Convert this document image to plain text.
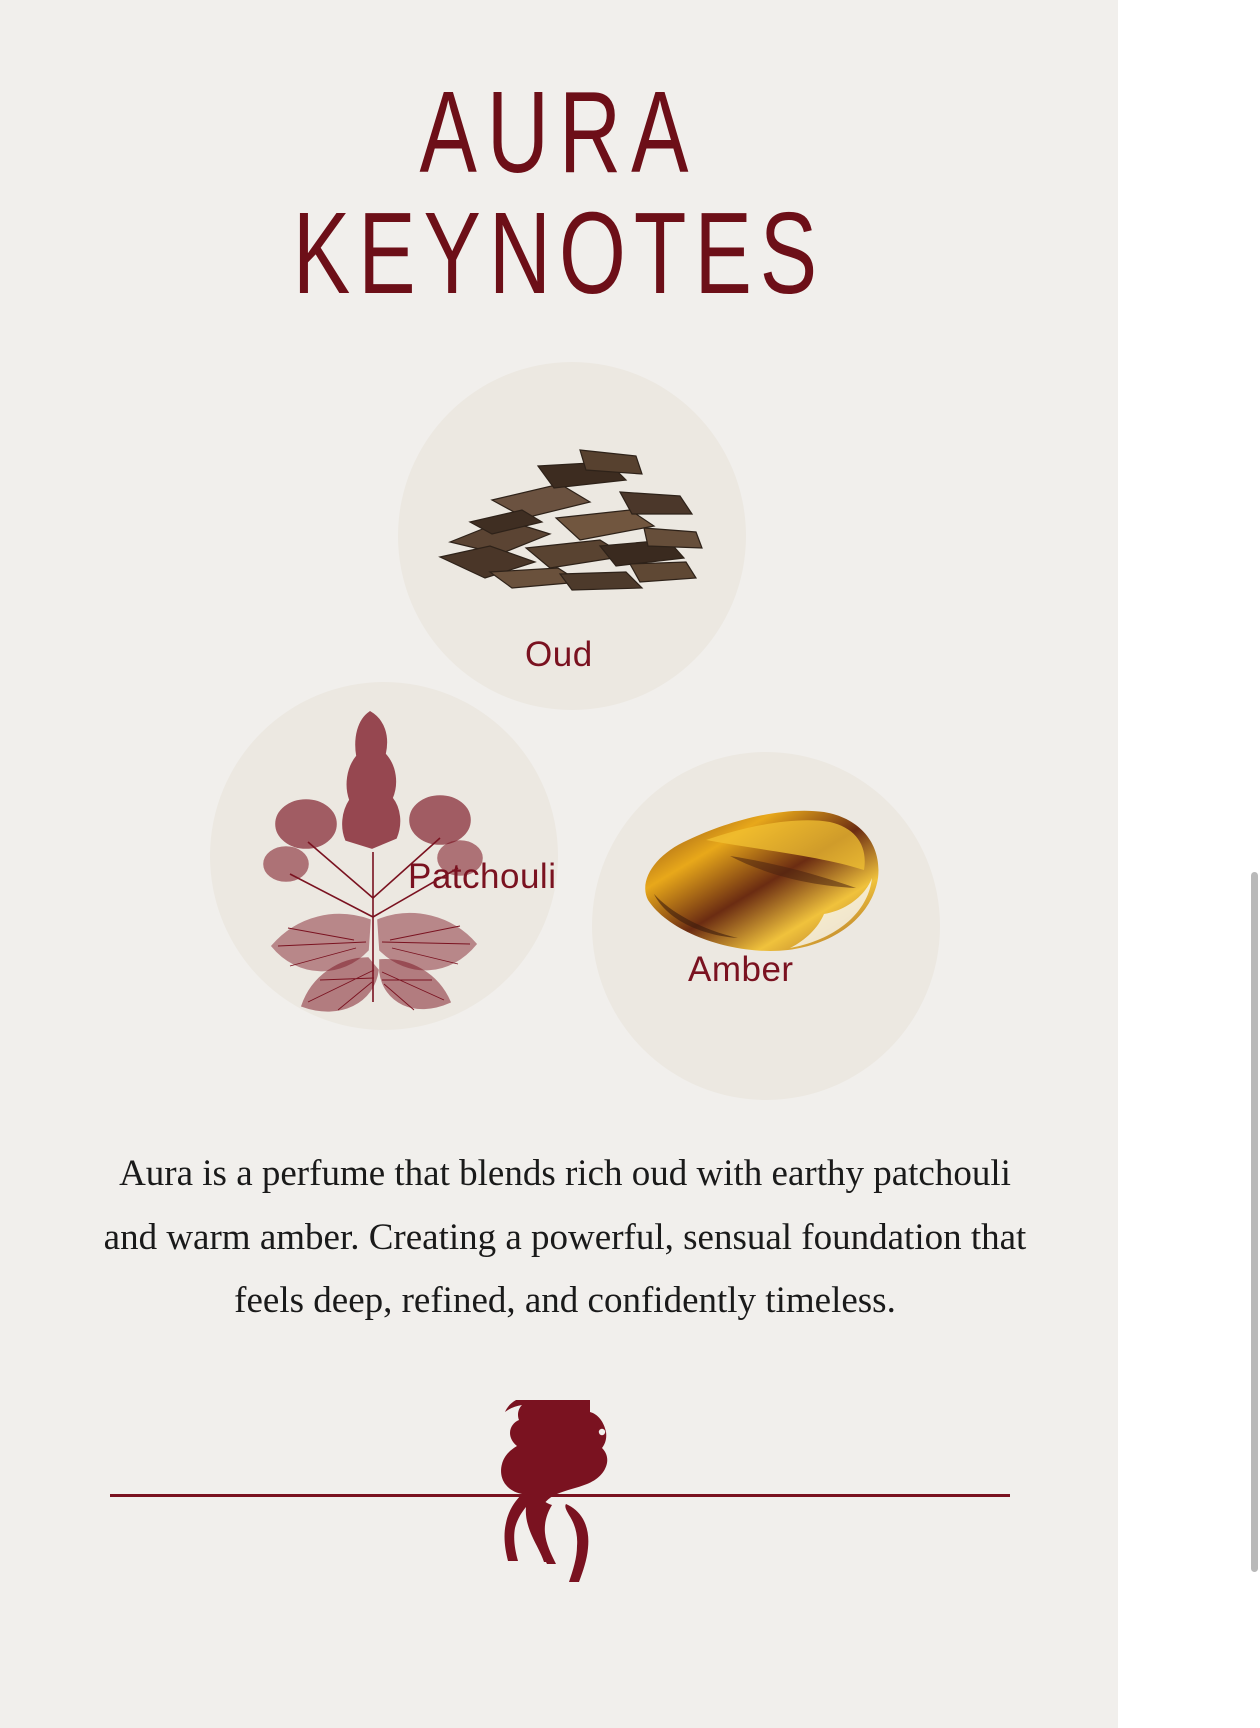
AURA
KEYNOTES
Oud
Patchouli
Amber

Aura is a perfume that blends rich oud with earthy patchouli and warm amber. Creating a powerful, sensual foundation that feels deep, refined, and confidently timeless.
